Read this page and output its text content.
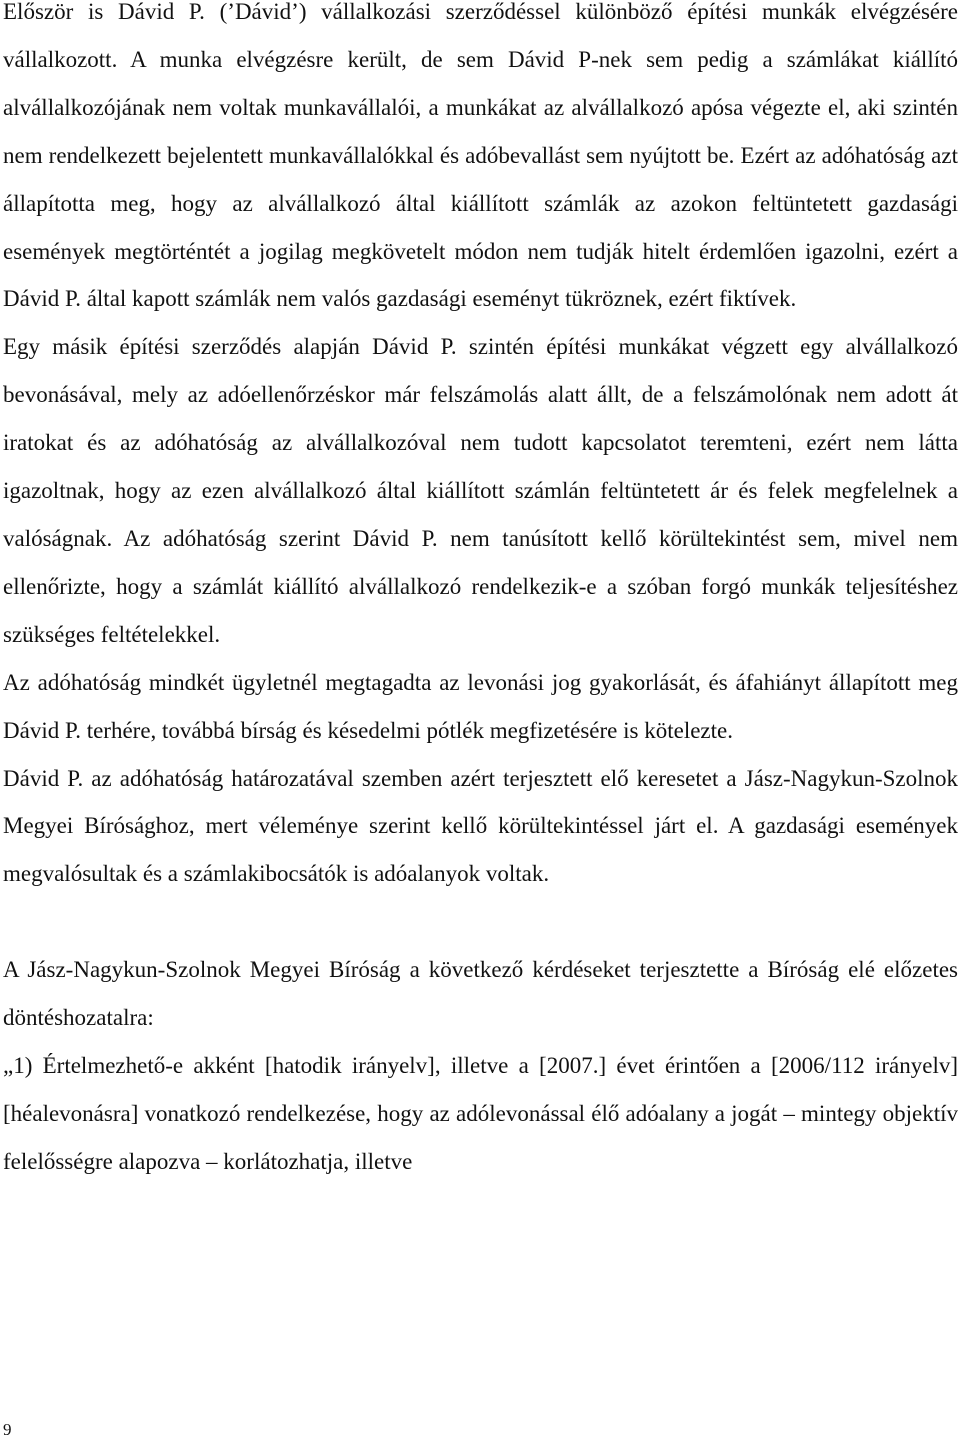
Először is Dávid P. (’Dávid’) vállalkozási szerződéssel különböző építési munkák elvégzésére vállalkozott. A munka elvégzésre került, de sem Dávid P-nek sem pedig a számlákat kiállító alvállalkozójának nem voltak munkavállalói, a munkákat az alvállalkozó apósa végezte el, aki szintén nem rendelkezett bejelentett munkavállalókkal és adóbevallást sem nyújtott be. Ezért az adóhatóság azt állapította meg, hogy az alvállalkozó által kiállított számlák az azokon feltüntetett gazdasági események megtörténtét a jogilag megkövetelt módon nem tudják hitelt érdemlően igazolni, ezért a Dávid P. által kapott számlák nem valós gazdasági eseményt tükröznek, ezért fiktívek.

Egy másik építési szerződés alapján Dávid P. szintén építési munkákat végzett egy alvállalkozó bevonásával, mely az adóellenőrzéskor már felszámolás alatt állt, de a felszámolónak nem adott át iratokat és az adóhatóság az alvállalkozóval nem tudott kapcsolatot teremteni, ezért nem látta igazoltnak, hogy az ezen alvállalkozó által kiállított számlán feltüntetett ár és felek megfelelnek a valóságnak. Az adóhatóság szerint Dávid P. nem tanúsított kellő körültekintést sem, mivel nem ellenőrizte, hogy a számlát kiállító alvállalkozó rendelkezik-e a szóban forgó munkák teljesítéshez szükséges feltételekkel.

Az adóhatóság mindkét ügyletnél megtagadta az levonási jog gyakorlását, és áfahiányt állapított meg Dávid P. terhére, továbbá bírság és késedelmi pótlék megfizetésére is kötelezte.

Dávid P. az adóhatóság határozatával szemben azért terjesztett elő keresetet a Jász-Nagykun-Szolnok Megyei Bírósághoz, mert véleménye szerint kellő körültekintéssel járt el. A gazdasági események megvalósultak és a számlakibocsátók is adóalanyok voltak.

A Jász-Nagykun-Szolnok Megyei Bíróság a következő kérdéseket terjesztette a Bíróság elé előzetes döntéshozatalra:

„1) Értelmezhető-e akként [hatodik irányelv], illetve a [2007.] évet érintően a [2006/112 irányelv] [héalevonásra] vonatkozó rendelkezése, hogy az adólevonással élő adóalany a jogát – mintegy objektív felelősségre alapozva – korlátozhatja, illetve

9
